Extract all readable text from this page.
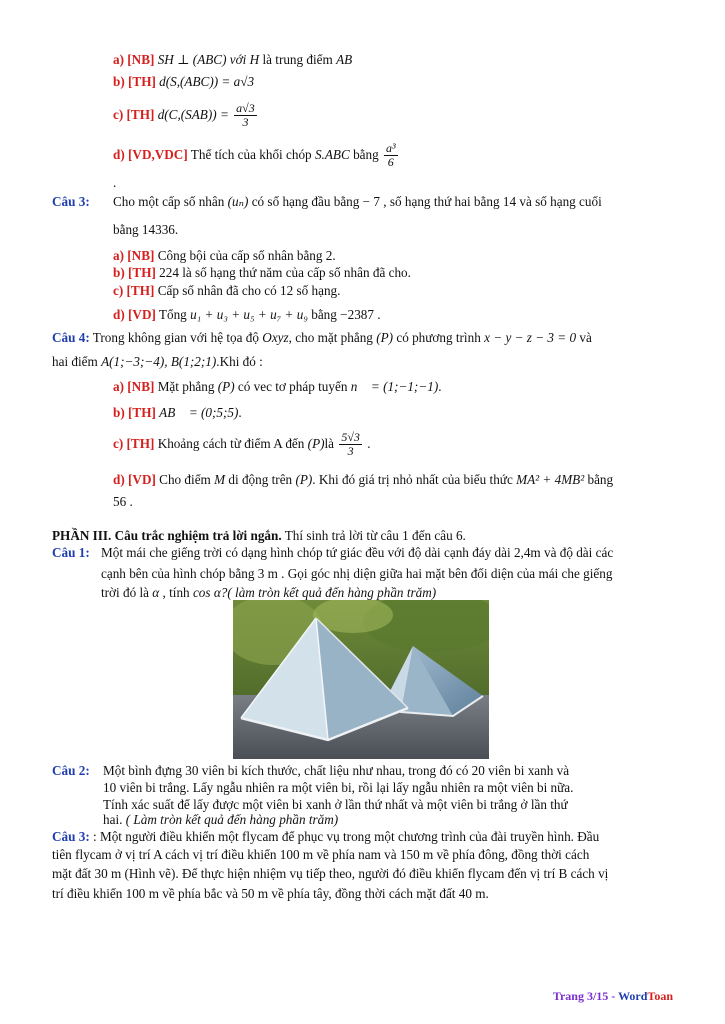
a) [NB] SH ⊥ (ABC) với H là trung điểm AB
b) [TH] d(S,(ABC)) = a√3
c) [TH] $d(C,(SAB)) = \frac{a√3}{3}$
d) [VD,VDC] Thể tích của khối chóp S.ABC bằng $\frac{\text{a³}}{6}$
.
Câu 3: Cho một cấp số nhân (uₙ) có số hạng đầu bằng − 7 , số hạng thứ hai bằng 14 và số hạng cuối
bằng 14336.
a) [NB] Công bội của cấp số nhân bằng 2.
b) [TH] 224 là số hạng thứ năm của cấp số nhân đã cho.
c) [TH] Cấp số nhân đã cho có 12 số hạng.
d) [VD] Tổng u₁ + u₃ + u₅ + u₇ + u₉ bằng −2387 .
Câu 4: Trong không gian với hệ tọa độ Oxyz, cho mặt phẳng (P) có phương trình x − y − z − 3 = 0 và
hai điểm A(1;−3;−4), B(1;2;1).Khi đó :
a) [NB] Mặt phẳng (P) có vec tơ pháp tuyến n⃗ = (1;−1;−1).
b) [TH] AB⃗ = (0;5;5).
c) [TH] Khoảng cách từ điểm A đến (P)là $\frac{5√3}{3}$ .
d) [VD] Cho điểm M di động trên (P). Khi đó giá trị nhỏ nhất của biểu thức MA² + 4MB² bằng
56 .
PHẦN III. Câu trắc nghiệm trả lời ngắn. Thí sinh trả lời từ câu 1 đến câu 6.
Câu 1: Một mái che giếng trời có dạng hình chóp tứ giác đều với độ dài cạnh đáy dài 2,4m và độ dài các
cạnh bên của hình chóp bằng 3 m . Gọi góc nhị diện giữa hai mặt bên đối diện của mái che giếng
trời đó là α , tính cos α?( làm tròn kết quả đến hàng phần trăm)
Câu 2: Một bình đựng 30 viên bi kích thước, chất liệu như nhau, trong đó có 20 viên bi xanh và
10 viên bi trắng. Lấy ngẫu nhiên ra một viên bi, rồi lại lấy ngẫu nhiên ra một viên bi nữa.
Tính xác suất để lấy được một viên bi xanh ở lần thứ nhất và một viên bi trắng ở lần thứ
hai. ( Làm tròn kết quả đến hàng phần trăm)
Câu 3: : Một người điều khiển một flycam để phục vụ trong một chương trình của đài truyền hình. Đầu
tiên flycam ở vị trí A cách vị trí điều khiển 100 m về phía nam và 150 m về phía đông, đồng thời cách
mặt đất 30 m (Hình vẽ). Để thực hiện nhiệm vụ tiếp theo, người đó điều khiển flycam đến vị trí B cách vị
trí điều khiển 100 m về phía bắc và 50 m về phía tây, đồng thời cách mặt đất 40 m.
Trang 3/15 - WordToan
